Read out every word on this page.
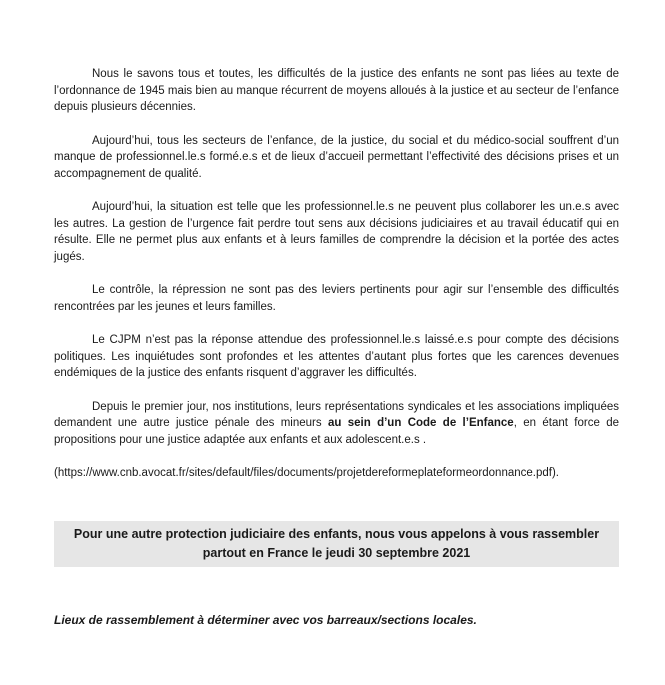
Nous le savons tous et toutes, les difficultés de la justice des enfants ne sont pas liées au texte de l’ordonnance de 1945 mais bien au manque récurrent de moyens alloués à la justice et au secteur de l’enfance depuis plusieurs décennies.

Aujourd’hui, tous les secteurs de l’enfance, de la justice, du social et du médico-social souffrent d’un manque de professionnel.le.s formé.e.s et de lieux d’accueil permettant l’effectivité des décisions prises et un accompagnement de qualité.

Aujourd’hui, la situation est telle que les professionnel.le.s ne peuvent plus collaborer les un.e.s avec les autres. La gestion de l’urgence fait perdre tout sens aux décisions judiciaires et au travail éducatif qui en résulte. Elle ne permet plus aux enfants et à leurs familles de comprendre la décision et la portée des actes jugés.

Le contrôle, la répression ne sont pas des leviers pertinents pour agir sur l’ensemble des difficultés rencontrées par les jeunes et leurs familles.

Le CJPM n’est pas la réponse attendue des professionnel.le.s laissé.e.s pour compte des décisions politiques. Les inquiétudes sont profondes et les attentes d’autant plus fortes que les carences devenues endémiques de la justice des enfants risquent d’aggraver les difficultés.

Depuis le premier jour, nos institutions, leurs représentations syndicales et les associations impliquées demandent une autre justice pénale des mineurs au sein d’un Code de l’Enfance, en étant force de propositions pour une justice adaptée aux enfants et aux adolescent.e.s .

(https://www.cnb.avocat.fr/sites/default/files/documents/projetdereformeplateformeordonnance.pdf).

Pour une autre protection judiciaire des enfants, nous vous appelons à vous rassembler partout en France le jeudi 30 septembre 2021
Lieux de rassemblement à déterminer avec vos barreaux/sections locales.
